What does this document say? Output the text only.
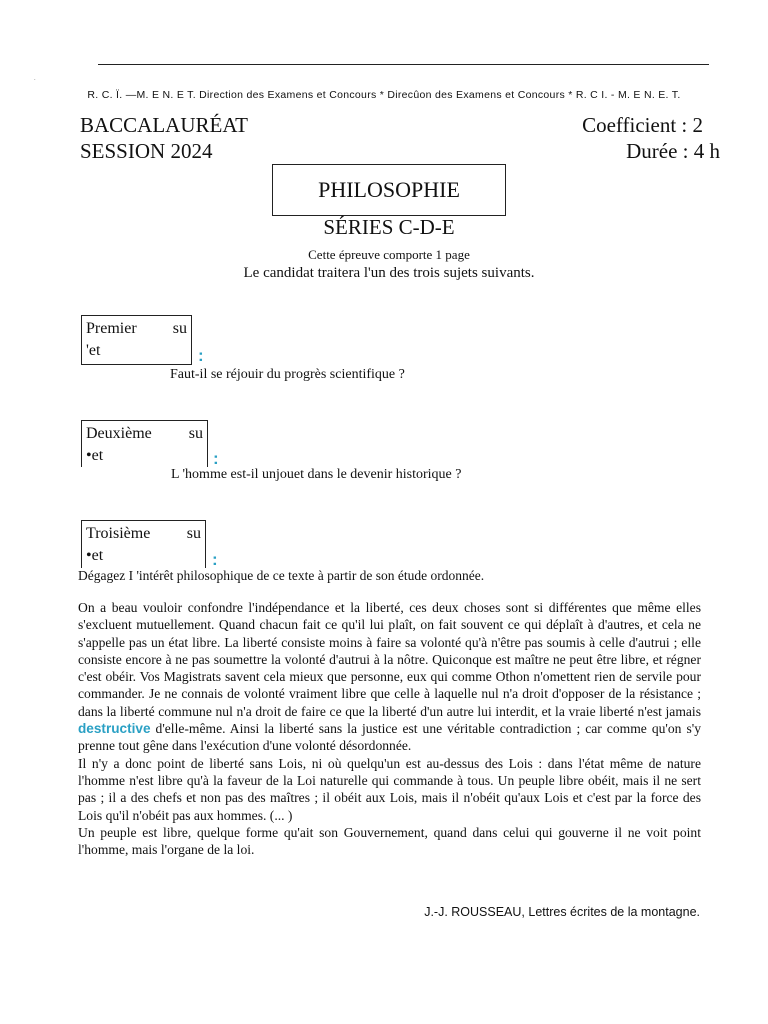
.
R. C. Ï. —M. E N. E T. Direction des Examens et Concours * Direcûon des Examens et Concours * R. C I. - M. E N. E. T.
BACCALAURÉAT
SESSION 2024
Coefficient : 2
Durée : 4 h
PHILOSOPHIE
SÉRIES C-D-E
Cette épreuve comporte 1 page
Le candidat traitera l'un des trois sujets suivants.
Premier su
'et	:
Faut-il se réjouir du progrès scientifique ?
Deuxième su
•et	:
L 'homme est-il unjouet dans le devenir historique ?
Troisième su
•et	:
Dégagez I 'intérêt philosophique de ce texte à partir de son étude ordonnée.

On a beau vouloir confondre l'indépendance et la liberté, ces deux choses sont si différentes que même elles s'excluent mutuellement. Quand chacun fait ce qu'il lui plaît, on fait souvent ce qui déplaît à d'autres, et cela ne s'appelle pas un état libre. La liberté consiste moins à faire sa volonté qu'à n'être pas soumis à celle d'autrui ; elle consiste encore à ne pas soumettre la volonté d'autrui à la nôtre. Quiconque est maître ne peut être libre, et régner c'est obéir. Vos Magistrats savent cela mieux que personne, eux qui comme Othon n'omettent rien de servile pour commander. Je ne connais de volonté vraiment libre que celle à laquelle nul n'a droit d'opposer de la résistance ; dans la liberté commune nul n'a droit de faire ce que la liberté d'un autre lui interdit, et la vraie liberté n'est jamais destructive d'elle-même. Ainsi la liberté sans la justice est une véritable contradiction ; car comme qu'on s'y prenne tout gêne dans l'exécution d'une volonté désordonnée.

Il n'y a donc point de liberté sans Lois, ni où quelqu'un est au-dessus des Lois : dans l'état même de nature l'homme n'est libre qu'à la faveur de la Loi naturelle qui commande à tous. Un peuple libre obéit, mais il ne sert pas ; il a des chefs et non pas des maîtres ; il obéit aux Lois, mais il n'obéit qu'aux Lois et c'est par la force des Lois qu'il n'obéit pas aux hommes. (... )

Un peuple est libre, quelque forme qu'ait son Gouvernement, quand dans celui qui gouverne il ne voit point l'homme, mais l'organe de la loi.

J.-J. ROUSSEAU, Lettres écrites de la montagne.
